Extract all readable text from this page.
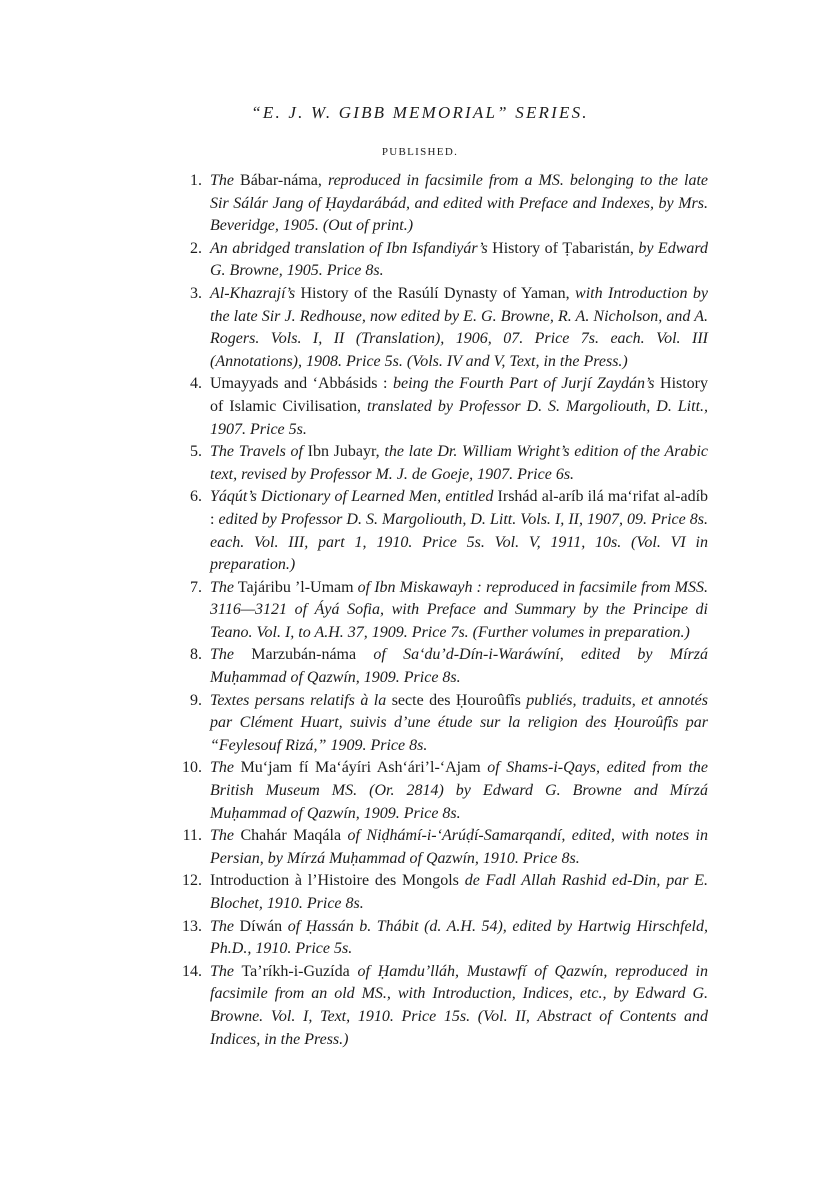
“E. J. W. GIBB MEMORIAL” SERIES.
PUBLISHED.
1. The Bábar-náma, reproduced in facsimile from a MS. belonging to the late Sir Sálár Jang of Ḥaydarábád, and edited with Preface and Indexes, by Mrs. Beveridge, 1905. (Out of print.)
2. An abridged translation of Ibn Isfandiyár’s History of Ṭabaristán, by Edward G. Browne, 1905. Price 8s.
3. Al-Khazrají’s History of the Rasúlí Dynasty of Yaman, with Introduction by the late Sir J. Redhouse, now edited by E. G. Browne, R. A. Nicholson, and A. Rogers. Vols. I, II (Translation), 1906, 07. Price 7s. each. Vol. III (Annotations), 1908. Price 5s. (Vols. IV and V, Text, in the Press.)
4. Umayyads and ‘Abbásids : being the Fourth Part of Jurjí Zaydán’s History of Islamic Civilisation, translated by Professor D. S. Margoliouth, D. Litt., 1907. Price 5s.
5. The Travels of Ibn Jubayr, the late Dr. William Wright’s edition of the Arabic text, revised by Professor M. J. de Goeje, 1907. Price 6s.
6. Yáqút’s Dictionary of Learned Men, entitled Irshád al-aríb ilá ma‘rifat al-adíb : edited by Professor D. S. Margoliouth, D. Litt. Vols. I, II, 1907, 09. Price 8s. each. Vol. III, part 1, 1910. Price 5s. Vol. V, 1911, 10s. (Vol. VI in preparation.)
7. The Tajáribu ’l-Umam of Ibn Miskawayh : reproduced in facsimile from MSS. 3116—3121 of Áyá Sofia, with Preface and Summary by the Principe di Teano. Vol. I, to A.H. 37, 1909. Price 7s. (Further volumes in preparation.)
8. The Marzubán-náma of Sa‘du’d-Dín-i-Waráwíní, edited by Mírzá Muḥammad of Qazwín, 1909. Price 8s.
9. Textes persans relatifs à la secte des Ḥouroûfîs publiés, traduits, et annotés par Clément Huart, suivis d’une étude sur la religion des Ḥouroûfîs par “Feylesouf Rizá,” 1909. Price 8s.
10. The Mu‘jam fí Ma‘áyíri Ash‘ári’l-‘Ajam of Shams-i-Qays, edited from the British Museum MS. (Or. 2814) by Edward G. Browne and Mírzá Muḥammad of Qazwín, 1909. Price 8s.
11. The Chahár Maqála of Niḍhámí-i-‘Arúḍí-Samarqandí, edited, with notes in Persian, by Mírzá Muḥammad of Qazwín, 1910. Price 8s.
12. Introduction à l’Histoire des Mongols de Fadl Allah Rashid ed-Din, par E. Blochet, 1910. Price 8s.
13. The Díwán of Ḥassán b. Thábit (d. A.H. 54), edited by Hartwig Hirschfeld, Ph.D., 1910. Price 5s.
14. The Ta’ríkh-i-Guzída of Ḥamdu’lláh, Mustawfí of Qazwín, reproduced in facsimile from an old MS., with Introduction, Indices, etc., by Edward G. Browne. Vol. I, Text, 1910. Price 15s. (Vol. II, Abstract of Contents and Indices, in the Press.)
